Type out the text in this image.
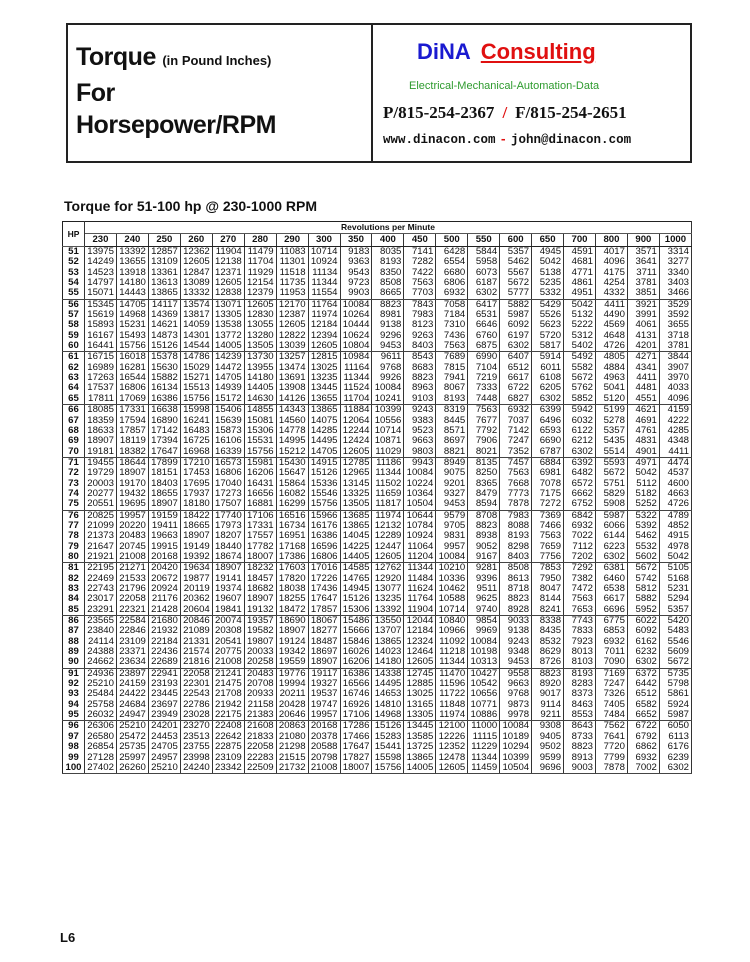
Torque (in Pound Inches)
For
Horsepower/RPM
DiNA Consulting
Electrical-Mechanical-Automation-Data
P/815-254-2367 / F/815-254-2651
www.dinacon.com - john@dinacon.com
Torque for 51-100 hp @ 230-1000 RPM
HP	Revolutions per Minute																		
	230	240	250	260	270	280	290	300	350	400	450	500	550	600	650	700	800	900	1000
51	13975	13392	12857	12362	11904	11479	11083	10714	9183	8035	7141	6428	5844	5357	4945	4591	4017	3571	3314
52	14249	13655	13109	12605	12138	11704	11301	10924	9363	8193	7282	6554	5958	5462	5042	4681	4096	3641	3277
53	14523	13918	13361	12847	12371	11929	11518	11134	9543	8350	7422	6680	6073	5567	5138	4771	4175	3711	3340
54	14797	14180	13613	13089	12605	12154	11735	11344	9723	8508	7563	6806	6187	5672	5235	4861	4254	3781	3403
55	15071	14443	13865	13332	12838	12379	11953	11554	9903	8665	7703	6932	6302	5777	5332	4951	4332	3851	3466
56	15345	14705	14117	13574	13071	12605	12170	11764	10084	8823	7843	7058	6417	5882	5429	5042	4411	3921	3529
57	15619	14968	14369	13817	13305	12830	12387	11974	10264	8981	7983	7184	6531	5987	5526	5132	4490	3991	3592
58	15893	15231	14621	14059	13538	13055	12605	12184	10444	9138	8123	7310	6646	6092	5623	5222	4569	4061	3655
59	16167	15493	14873	14301	13772	13280	12822	12394	10624	9296	9263	7436	6760	6197	5720	5312	4648	4131	3718
60	16441	15756	15126	14544	14005	13505	13039	12605	10804	9453	8403	7563	6875	6302	5817	5402	4726	4201	3781
61	16715	16018	15378	14786	14239	13730	13257	12815	10984	9611	8543	7689	6990	6407	5914	5492	4805	4271	3844
62	16989	16281	15630	15029	14472	13955	13474	13025	11164	9768	8683	7815	7104	6512	6011	5582	4884	4341	3907
63	17263	16544	15882	15271	14705	14180	13691	13235	11344	9926	8823	7941	7219	6617	6108	5672	4963	4411	3970
64	17537	16806	16134	15513	14939	14405	13908	13445	11524	10084	8963	8067	7333	6722	6205	5762	5041	4481	4033
65	17811	17069	16386	15756	15172	14630	14126	13655	11704	10241	9103	8193	7448	6827	6302	5852	5120	4551	4096
66	18085	17331	16638	15998	15406	14855	14343	13865	11884	10399	9243	8319	7563	6932	6399	5942	5199	4621	4159
67	18359	17594	16890	16241	15639	15081	14560	14075	12064	10556	9383	8445	7677	7037	6496	6032	5278	4691	4222
68	18633	17857	17142	16483	15873	15306	14778	14285	12244	10714	9523	8571	7792	7142	6593	6122	5357	4761	4285
69	18907	18119	17394	16725	16106	15531	14995	14495	12424	10871	9663	8697	7906	7247	6690	6212	5435	4831	4348
70	19181	18382	17647	16968	16339	15756	15212	14705	12605	11029	9803	8821	8021	7352	6787	6302	5514	4901	4411
71	19455	18644	17899	17210	16573	15981	15430	14915	12785	11186	9943	8949	8135	7457	6884	6392	5593	4971	4474
72	19729	18907	18151	17453	16806	16206	15647	15126	12965	11344	10084	9075	8250	7563	6981	6482	5672	5042	4537
73	20003	19170	18403	17695	17040	16431	15864	15336	13145	11502	10224	9201	8365	7668	7078	6572	5751	5112	4600
74	20277	19432	18655	17937	17273	16656	16082	15546	13325	11659	10364	9327	8479	7773	7175	6662	5829	5182	4663
75	20551	19695	18907	18180	17507	16881	16299	15756	13505	11817	10504	9453	8594	7878	7272	6752	5908	5252	4726
76	20825	19957	19159	18422	17740	17106	16516	15966	13685	11974	10644	9579	8708	7983	7369	6842	5987	5322	4789
77	21099	20220	19411	18665	17973	17331	16734	16176	13865	12132	10784	9705	8823	8088	7466	6932	6066	5392	4852
78	21373	20483	19663	18907	18207	17557	16951	16386	14045	12289	10924	9831	8938	8193	7563	7022	6144	5462	4915
79	21647	20745	19915	19149	18440	17782	17168	16596	14225	12447	11064	9957	9052	8298	7659	7112	6223	5532	4978
80	21921	21008	20168	19392	18674	18007	17386	16806	14405	12605	11204	10084	9167	8403	7756	7202	6302	5602	5042
81	22195	21271	20420	19634	18907	18232	17603	17016	14585	12762	11344	10210	9281	8508	7853	7292	6381	5672	5105
82	22469	21533	20672	19877	19141	18457	17820	17226	14765	12920	11484	10336	9396	8613	7950	7382	6460	5742	5168
83	22743	21796	20924	20119	19374	18682	18038	17436	14945	13077	11624	10462	9511	8718	8047	7472	6538	5812	5231
84	23017	22058	21176	20362	19607	18907	18255	17647	15126	13235	11764	10588	9625	8823	8144	7563	6617	5882	5294
85	23291	22321	21428	20604	19841	19132	18472	17857	15306	13392	11904	10714	9740	8928	8241	7653	6696	5952	5357
86	23565	22584	21680	20846	20074	19357	18690	18067	15486	13550	12044	10840	9854	9033	8338	7743	6775	6022	5420
87	23840	22846	21932	21089	20308	19582	18907	18277	15666	13707	12184	10966	9969	9138	8435	7833	6853	6092	5483
88	24114	23109	22184	21331	20541	19807	19124	18487	15846	13865	12324	11092	10084	9243	8532	7923	6932	6162	5546
89	24388	23371	22436	21574	20775	20033	19342	18697	16026	14023	12464	11218	10198	9348	8629	8013	7011	6232	5609
90	24662	23634	22689	21816	21008	20258	19559	18907	16206	14180	12605	11344	10313	9453	8726	8103	7090	6302	5672
91	24936	23897	22941	22058	21241	20483	19776	19117	16386	14338	12745	11470	10427	9558	8823	8193	7169	6372	5735
92	25210	24159	23193	22301	21475	20708	19994	19327	16566	14495	12885	11596	10542	9663	8920	8283	7247	6442	5798
93	25484	24422	23445	22543	21708	20933	20211	19537	16746	14653	13025	11722	10656	9768	9017	8373	7326	6512	5861
94	25758	24684	23697	22786	21942	21158	20428	19747	16926	14810	13165	11848	10771	9873	9114	8463	7405	6582	5924
95	26032	24947	23949	23028	22175	21383	20646	19957	17106	14968	13305	11974	10886	9978	9211	8553	7484	6652	5987
96	26306	25210	24201	23270	22408	21608	20863	20168	17286	15126	13445	12100	11000	10084	9308	8643	7562	6722	6050
97	26580	25472	24453	23513	22642	21833	21080	20378	17466	15283	13585	12226	11115	10189	9405	8733	7641	6792	6113
98	26854	25735	24705	23755	22875	22058	21298	20588	17647	15441	13725	12352	11229	10294	9502	8823	7720	6862	6176
99	27128	25997	24957	23998	23109	22283	21515	20798	17827	15598	13865	12478	11344	10399	9599	8913	7799	6932	6239
100	27402	26260	25210	24240	23342	22509	21732	21008	18007	15756	14005	12605	11459	10504	9696	9003	7878	7002	6302
L6
